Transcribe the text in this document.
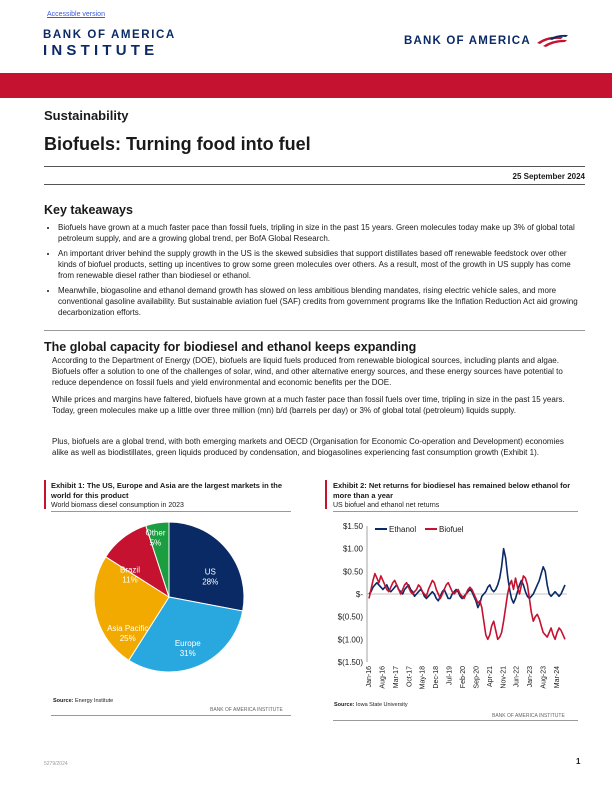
Accessible version
BANK OF AMERICA
INSTITUTE
BANK OF AMERICA
Sustainability
Biofuels: Turning food into fuel
25 September 2024
Key takeaways
• Biofuels have grown at a much faster pace than fossil fuels, tripling in size in the past 15 years. Green molecules today make up 3% of global total petroleum supply, and are a growing global trend, per BofA Global Research.
• An important driver behind the supply growth in the US is the skewed subsidies that support distillates based off renewable feedstock over other kinds of biofuel products, setting up incentives to grow some green molecules over others. As a result, most of the growth in US supply has come from renewable diesel rather than biodiesel or ethanol.
• Meanwhile, biogasoline and ethanol demand growth has slowed on less ambitious blending mandates, rising electric vehicle sales, and more conventional gasoline availability. But sustainable aviation fuel (SAF) credits from government programs like the Inflation Reduction Act aid growing decarbonization efforts.
The global capacity for biodiesel and ethanol keeps expanding

According to the Department of Energy (DOE), biofuels are liquid fuels produced from renewable biological sources, including plants and algae. Biofuels offer a solution to one of the challenges of solar, wind, and other alternative energy sources, and these energy sources have potential to reduce dependence on fossil fuels and yield environmental and economic benefits per the DOE.

While prices and margins have faltered, biofuels have grown at a much faster pace than fossil fuels over time, tripling in size in the past 15 years. Today, green molecules make up a little over three million (mn) b/d (barrels per day) or 3% of global total (petroleum) liquids supply.

Plus, biofuels are a global trend, with both emerging markets and OECD (Organisation for Economic Co-operation and Development) economies alike as well as biodistillates, green liquids produced by condensation, and biogasolines experiencing fast consumption growth (Exhibit 1).

Exhibit 1: The US, Europe and Asia are the largest markets in the world for this product
World biomass diesel consumption in 2023
US
28%
Europe
31%
Asia Pacific
25%
Brazil
11%
Other
5%
Source: Energy Institute
BANK OF AMERICA INSTITUTE
Exhibit 2: Net returns for biodiesel has remained below ethanol for more than a year
US biofuel and ethanol net returns
$1.50
$1.00
$0.50
$-
$(0.50)
$(1.00)
$(1.50)
Jan-16 Aug-16 Mar-17 Oct-17 May-18 Dec-18 Jul-19 Feb-20 Sep-20 Apr-21 Nov-21 Jun-22 Jan-23 Aug-23 Mar-24
Ethanol	Biofuel
Source: Iowa State University
BANK OF AMERICA INSTITUTE
5279/2024	1
